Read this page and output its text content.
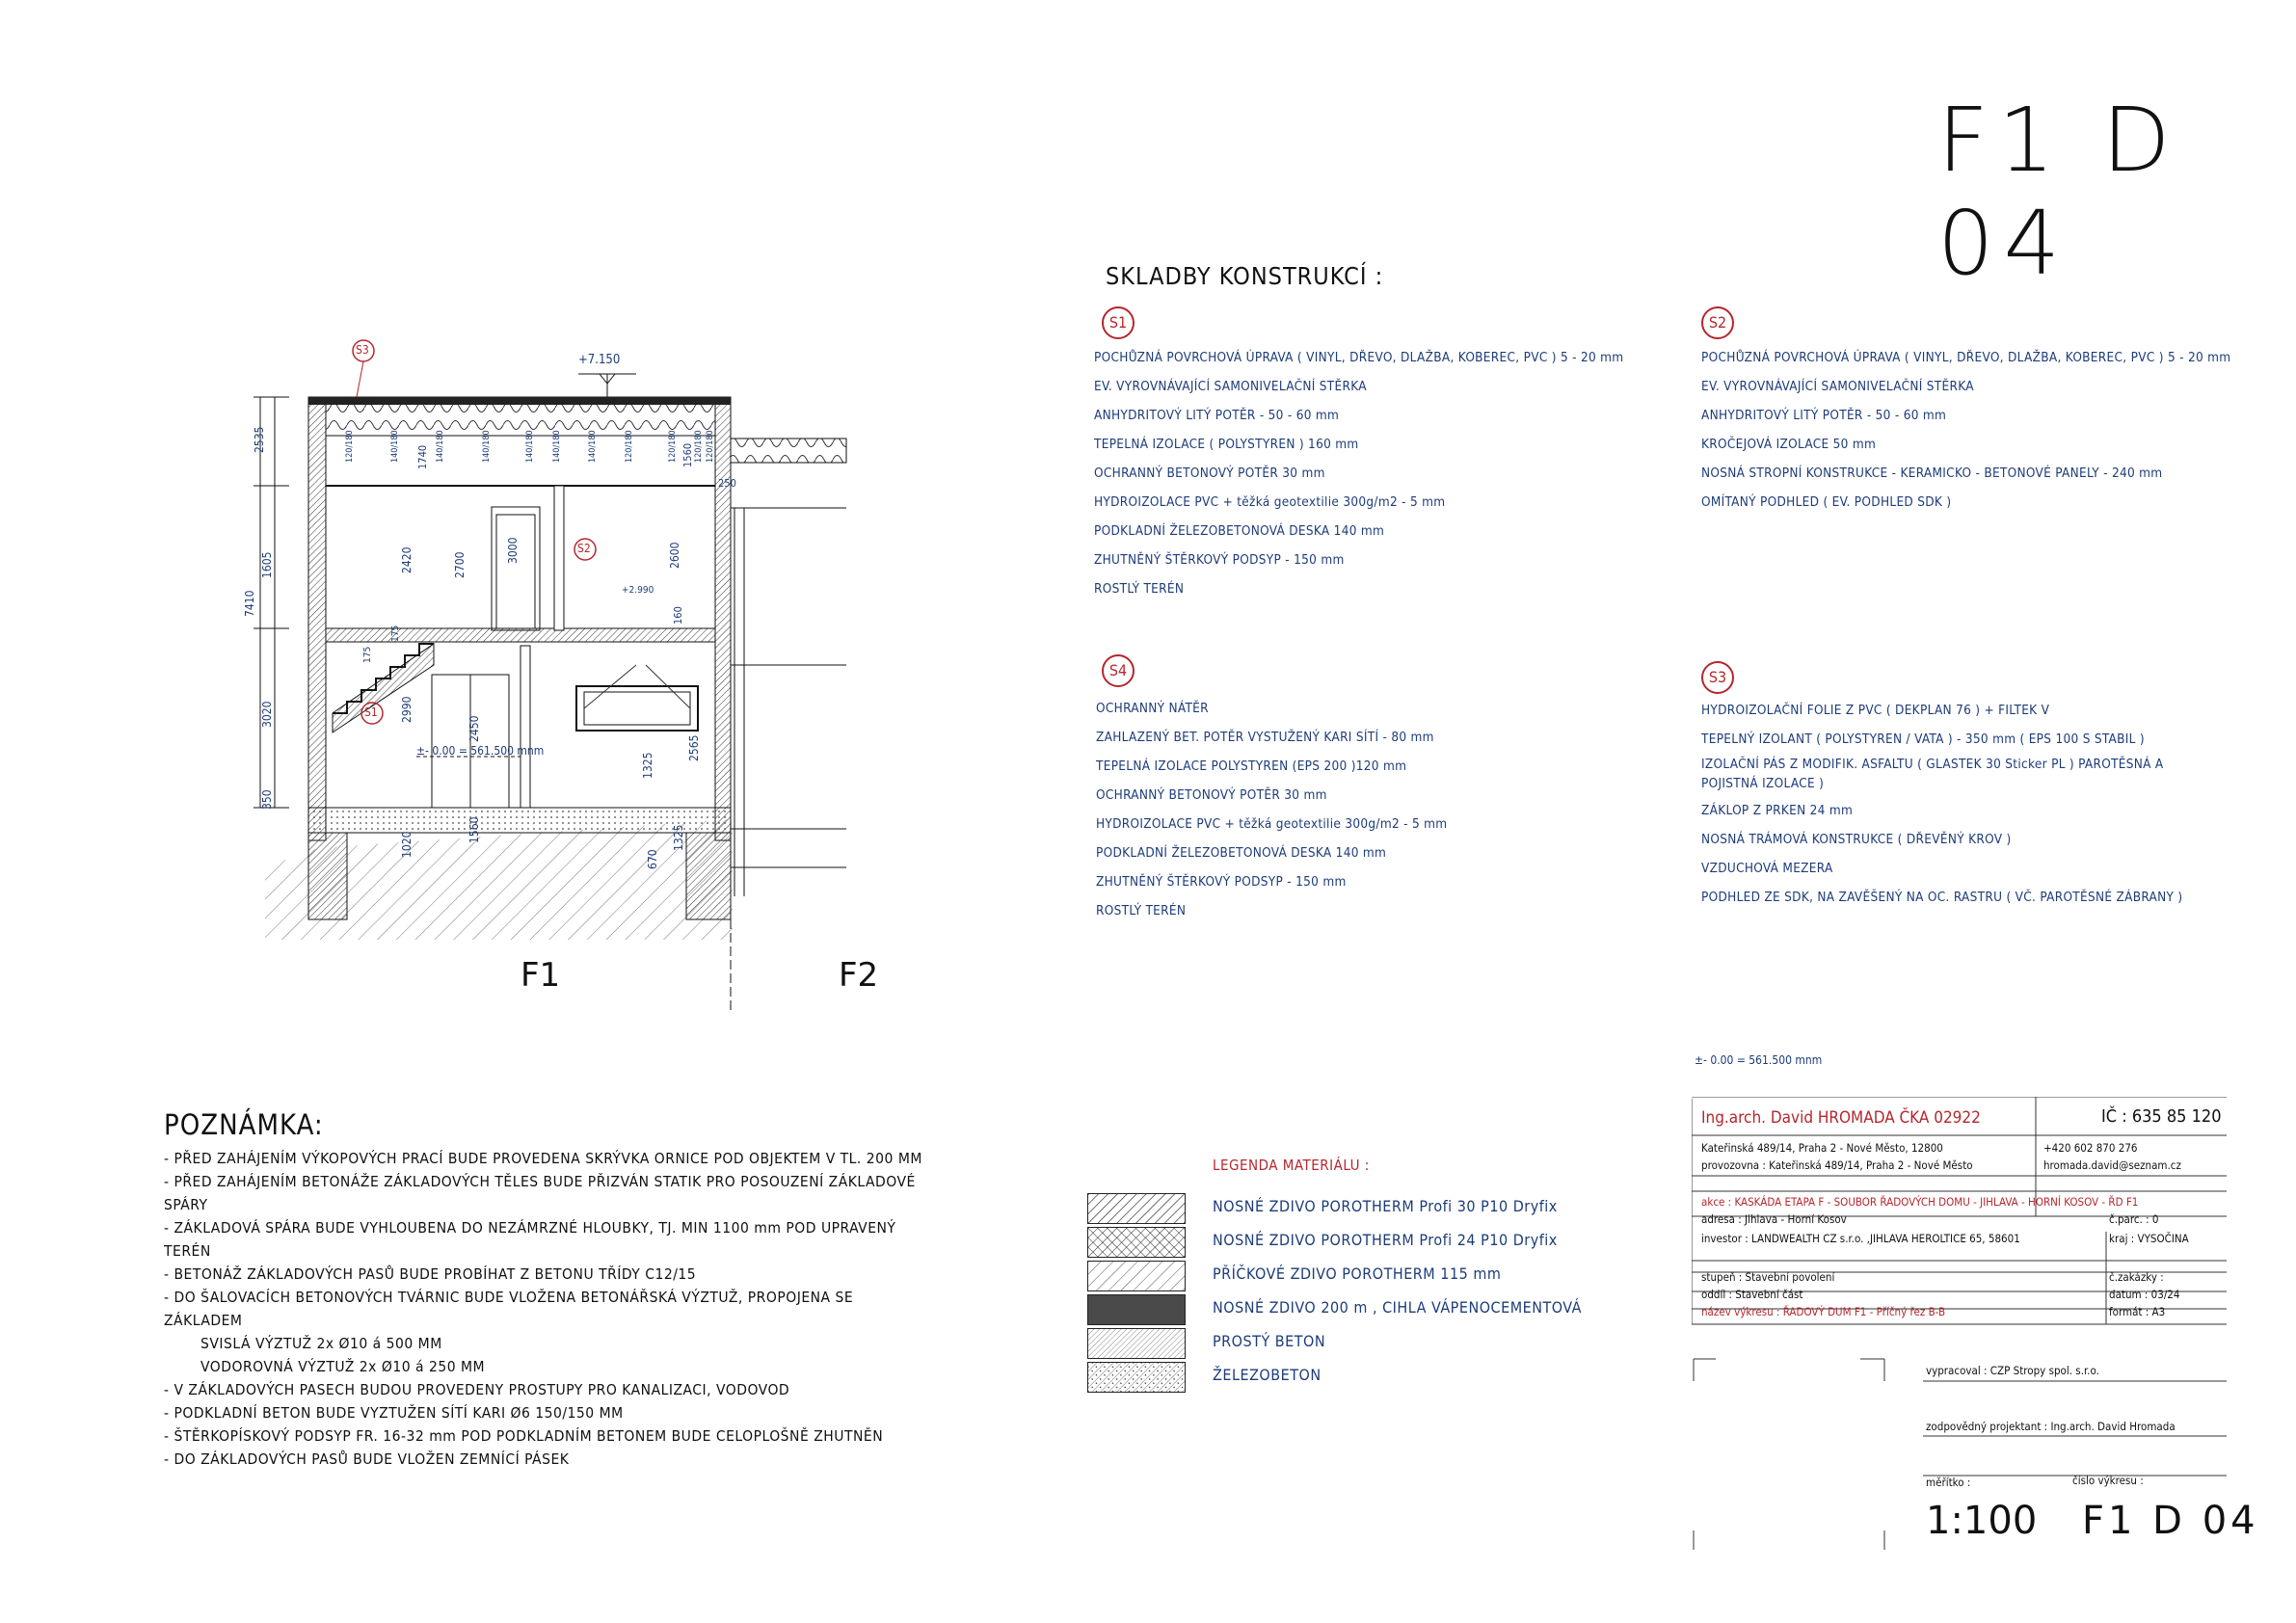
F1 D 04
S3
S2
S1
+7.150
+2.990
±- 0.00 = 561.500 mnm
250
2535
1605
7410
3020
350
2420	2700
3000	2600
2990
2450
1325
2565
1020
1560
670
1325
175
175
160
120/180	140/180	140/180
1740	140/180	140/180 140/180	140/180	120/180	120/180 120/180
1560 120/180
F1	F2
SKLADBY KONSTRUKCÍ :
S1
POCHŮZNÁ POVRCHOVÁ ÚPRAVA ( VINYL, DŘEVO, DLAŽBA, KOBEREC, PVC ) 5 - 20 mm
EV. VYROVNÁVAJÍCÍ SAMONIVELAČNÍ STĚRKA
ANHYDRITOVÝ LITÝ POTĚR - 50 - 60 mm
TEPELNÁ IZOLACE ( POLYSTYREN ) 160 mm
OCHRANNÝ BETONOVÝ POTĚR 30 mm
HYDROIZOLACE PVC + těžká geotextilie 300g/m2 - 5 mm
PODKLADNÍ ŽELEZOBETONOVÁ DESKA 140 mm
ZHUTNĚNÝ ŠTĚRKOVÝ PODSYP - 150 mm
ROSTLÝ TERÉN
S2
POCHŮZNÁ POVRCHOVÁ ÚPRAVA ( VINYL, DŘEVO, DLAŽBA, KOBEREC, PVC ) 5 - 20 mm
EV. VYROVNÁVAJÍCÍ SAMONIVELAČNÍ STĚRKA
ANHYDRITOVÝ LITÝ POTĚR - 50 - 60 mm
KROČEJOVÁ IZOLACE 50 mm
NOSNÁ STROPNÍ KONSTRUKCE - KERAMICKO - BETONOVÉ PANELY - 240 mm
OMÍTANÝ PODHLED ( EV. PODHLED SDK )
S4
OCHRANNÝ NÁTĚR
ZAHLAZENÝ BET. POTĚR VYSTUŽENÝ KARI SÍTÍ - 80 mm
TEPELNÁ IZOLACE POLYSTYREN (EPS 200 )120 mm
OCHRANNÝ BETONOVÝ POTĚR 30 mm
HYDROIZOLACE PVC + těžká geotextilie 300g/m2 - 5 mm
PODKLADNÍ ŽELEZOBETONOVÁ DESKA 140 mm
ZHUTNĚNÝ ŠTĚRKOVÝ PODSYP - 150 mm
ROSTLÝ TERÉN
S3
HYDROIZOLAČNÍ FOLIE Z PVC ( DEKPLAN 76 ) + FILTEK V
TEPELNÝ IZOLANT ( POLYSTYREN / VATA ) - 350 mm ( EPS 100 S STABIL )
IZOLAČNÍ PÁS Z MODIFIK. ASFALTU ( GLASTEK 30 Sticker PL ) PAROTĚSNÁ A
POJISTNÁ IZOLACE )
ZÁKLOP Z PRKEN 24 mm
NOSNÁ TRÁMOVÁ KONSTRUKCE ( DŘEVĚNÝ KROV )
VZDUCHOVÁ MEZERA
PODHLED ZE SDK, NA ZAVĚŠENÝ NA OC. RASTRU ( VČ. PAROTĚSNÉ ZÁBRANY )
±- 0.00 = 561.500 mnm
POZNÁMKA:
- PŘED ZAHÁJENÍM VÝKOPOVÝCH PRACÍ BUDE PROVEDENA SKRÝVKA ORNICE POD OBJEKTEM V TL. 200 MM
- PŘED ZAHÁJENÍM BETONÁŽE ZÁKLADOVÝCH TĚLES BUDE PŘIZVÁN STATIK PRO POSOUZENÍ ZÁKLADOVÉ
SPÁRY
- ZÁKLADOVÁ SPÁRA BUDE VYHLOUBENA DO NEZÁMRZNÉ HLOUBKY, TJ. MIN 1100 mm POD UPRAVENÝ
TERÉN
- BETONÁŽ ZÁKLADOVÝCH PASŮ BUDE PROBÍHAT Z BETONU TŘÍDY C12/15
- DO ŠALOVACÍCH BETONOVÝCH TVÁRNIC BUDE VLOŽENA BETONÁŘSKÁ VÝZTUŽ, PROPOJENA SE
ZÁKLADEM
SVISLÁ VÝZTUŽ 2x Ø10 á 500 MM
VODOROVNÁ VÝZTUŽ 2x Ø10 á 250 MM
- V ZÁKLADOVÝCH PASECH BUDOU PROVEDENY PROSTUPY PRO KANALIZACI, VODOVOD
- PODKLADNÍ BETON BUDE VYZTUŽEN SÍTÍ KARI Ø6 150/150 MM
- ŠTĚRKOPÍSKOVÝ PODSYP FR. 16-32 mm POD PODKLADNÍM BETONEM BUDE CELOPLOŠNĚ ZHUTNĚN
- DO ZÁKLADOVÝCH PASŮ BUDE VLOŽEN ZEMNÍCÍ PÁSEK
LEGENDA MATERIÁLU :
NOSNÉ ZDIVO POROTHERM Profi 30 P10 Dryfix
NOSNÉ ZDIVO POROTHERM Profi 24 P10 Dryfix
PŘÍČKOVÉ ZDIVO POROTHERM 115 mm
NOSNÉ ZDIVO 200 m , CIHLA VÁPENOCEMENTOVÁ
PROSTÝ BETON
ŽELEZOBETON
Ing.arch. David HROMADA ČKA 02922	IČ : 635 85 120
Kateřinská 489/14, Praha 2 - Nové Město, 12800	+420 602 870 276
provozovna : Kateřinská 489/14, Praha 2 - Nové Město	hromada.david@seznam.cz
akce : KASKÁDA ETAPA F - SOUBOR ŘADOVÝCH DOMU - JIHLAVA - HORNÍ KOSOV - ŘD F1
adresa : Jihlava - Horní Kosov	č.parc. : 0
investor : LANDWEALTH CZ s.r.o. ,JIHLAVA HEROLTICE 65, 58601	kraj : VYSOČINA
stupeň : Stavební povolení	č.zakázky :
oddíl : Stavební část	datum : 03/24
název výkresu : ŘADOVÝ DUM F1 - Příčný řez B-B	formát : A3
vypracoval : CZP Stropy spol. s.r.o.
zodpovědný projektant : Ing.arch. David Hromada
měřítko :	číslo výkresu :
1:100 F1 D 04
